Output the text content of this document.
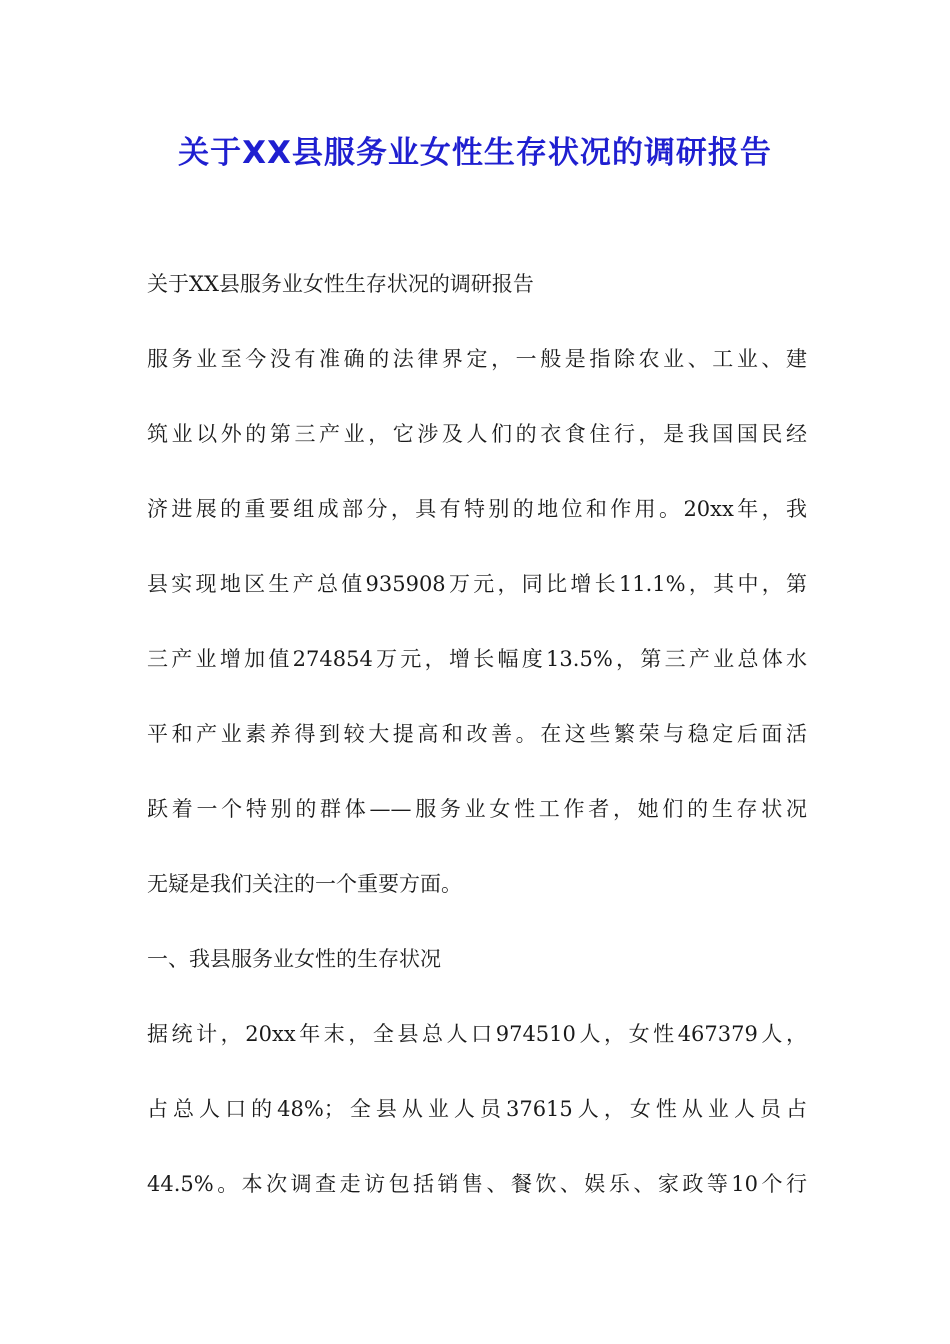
关于XX县服务业女性生存状况的调研报告
关于XX县服务业女性生存状况的调研报告
服务业至今没有准确的法律界定，一般是指除农业、工业、建
筑业以外的第三产业，它涉及人们的衣食住行，是我国国民经
济进展的重要组成部分，具有特别的地位和作用。20xx年，我
县实现地区生产总值935908万元，同比增长11.1%，其中，第
三产业增加值274854万元，增长幅度13.5%，第三产业总体水
平和产业素养得到较大提高和改善。在这些繁荣与稳定后面活
跃着一个特别的群体——服务业女性工作者，她们的生存状况
无疑是我们关注的一个重要方面。
一、我县服务业女性的生存状况
据统计，20xx年末，全县总人口974510人，女性467379人，
占总人口的48%；全县从业人员37615人，女性从业人员占
44.5%。本次调查走访包括销售、餐饮、娱乐、家政等10个行
